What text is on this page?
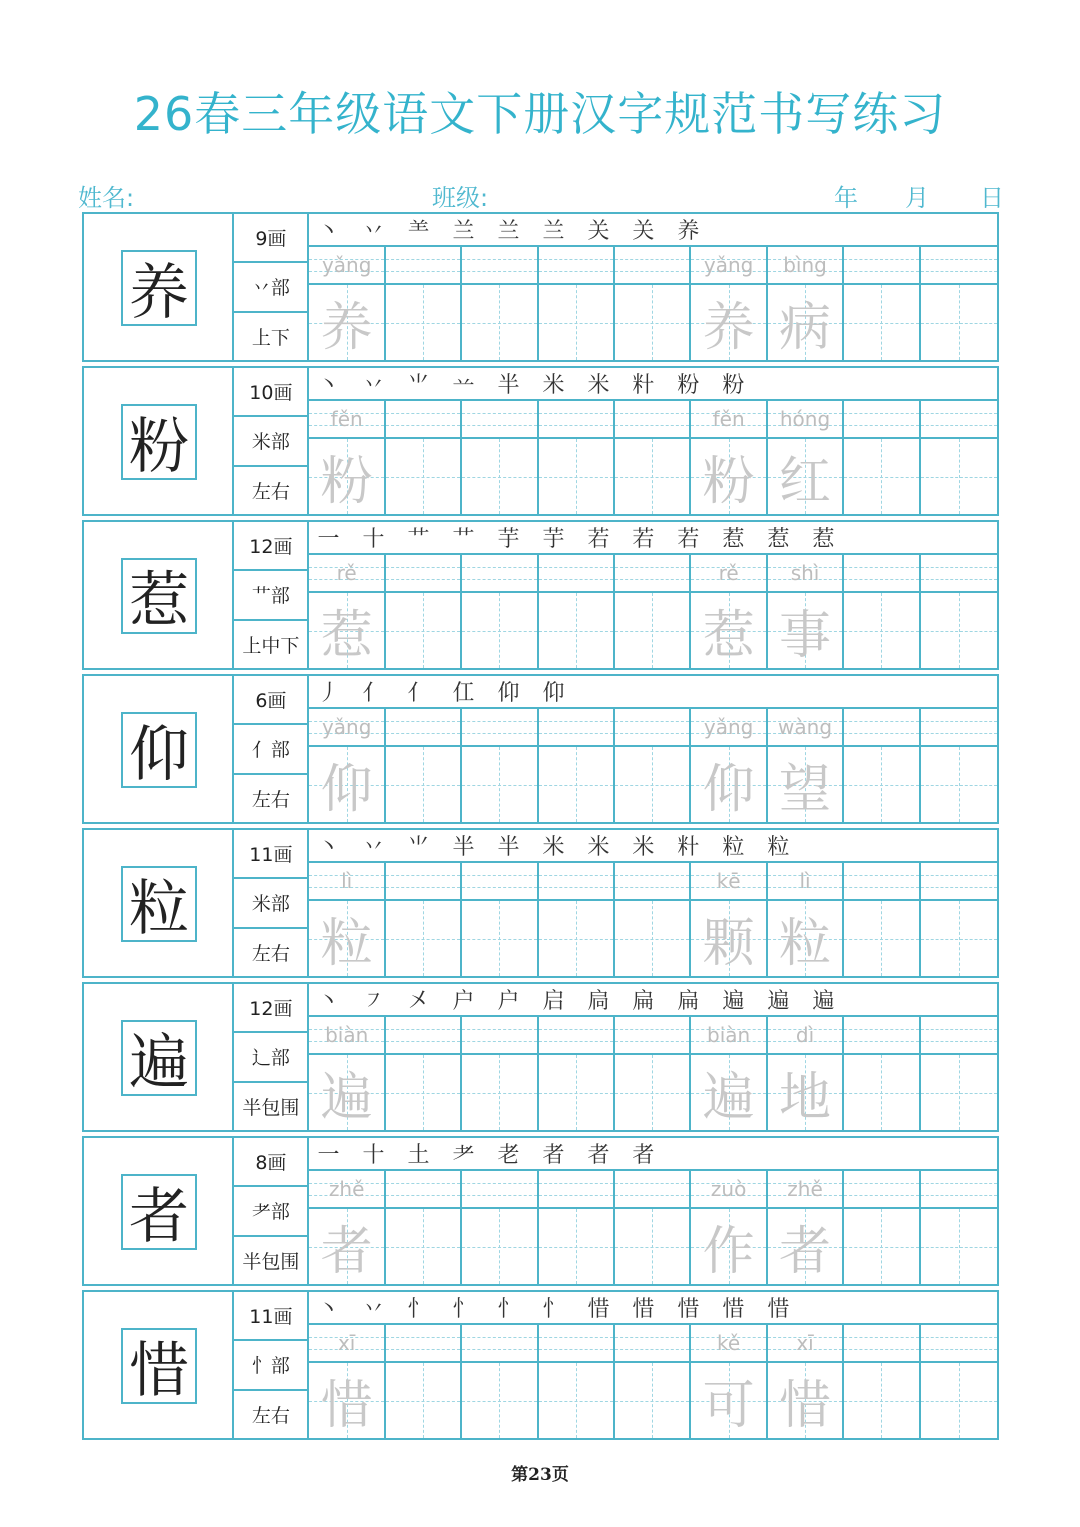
26春三年级语文下册汉字规范书写练习
姓名:	班级:	年 月 日
养
9画
丷部
上下
丶 丷 ⺷ 兰 兰 兰 关 关 养
yǎng
养
yǎng
养
bìng
病
粉
10画
米部
左右
丶 丷 ⺌ 䒑 半 米 米 籵 粉 粉
fěn
粉
fěn
粉
hóng
红
惹
12画
艹部
上中下
一 十 艹 艹 芋 芋 若 若 若 惹 惹 惹
rě
惹
rě
惹
shì
事
仰
6画
亻部
左右
丿 亻 亻 仜 仰 仰
yǎng
仰
yǎng
仰
wàng
望
粒
11画
米部
左右
丶 丷 ⺌ 半 半 米 米 米 籵 粒 粒
lì
粒
kē
颗
lì
粒
遍
12画
辶部
半包围
丶 ㇇ 㐅 户 户 启 扃 扁 扁 遍 遍 遍
biàn
遍
biàn
遍
dì
地
者
8画
耂部
半包围
一 十 土 耂 老 者 者 者
zhě
者
zuò
作
zhě
者
惜
11画
忄部
左右
丶 丷 忄 忄 忄 忄 惜 惜 惜 惜 惜
xī
惜
kě
可
xī
惜
第23页
